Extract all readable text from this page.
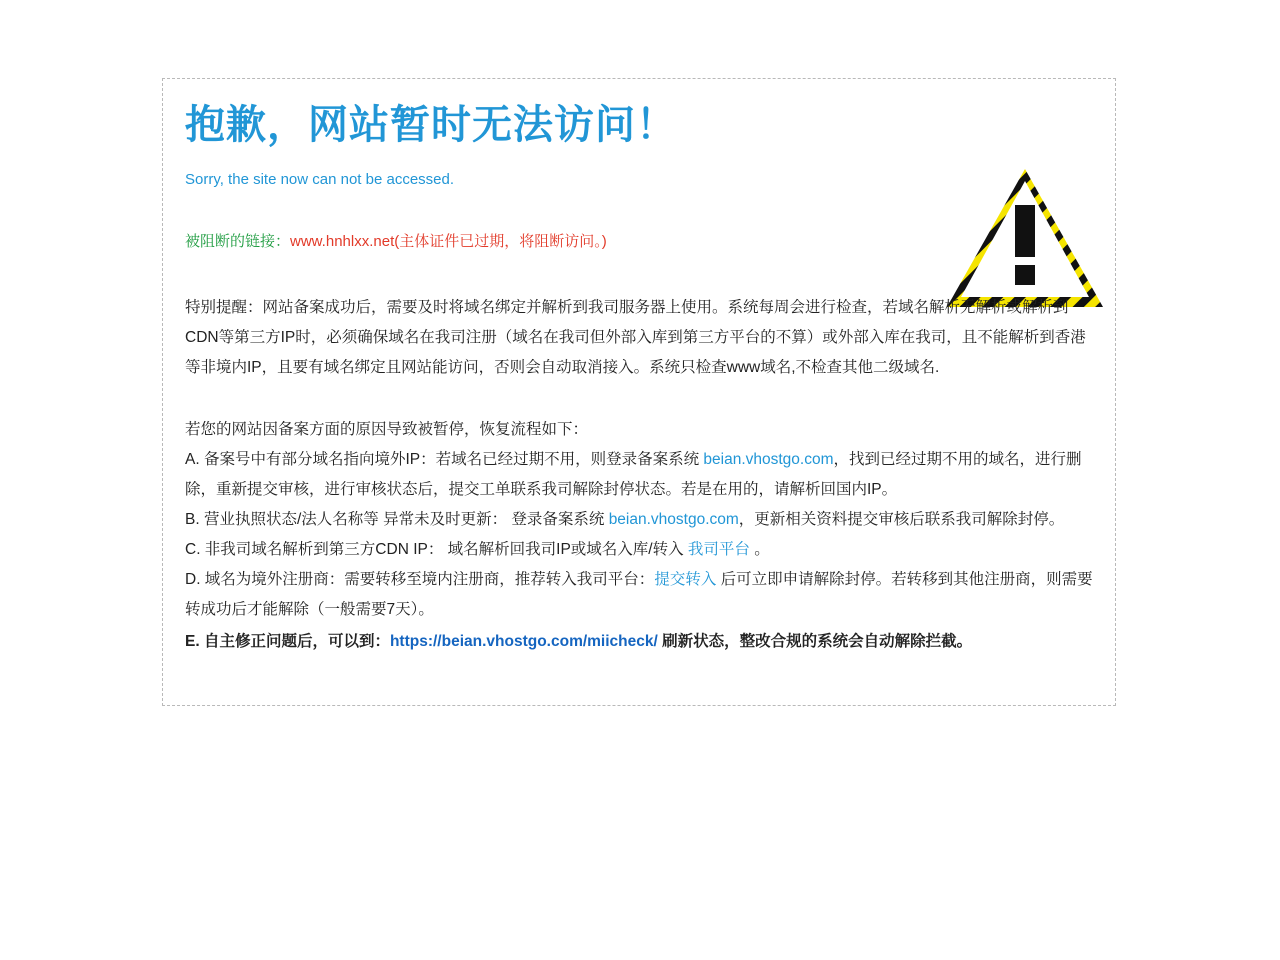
抱歉，网站暂时无法访问！
Sorry, the site now can not be accessed.
被阻断的链接：www.hnhlxx.net(主体证件已过期，将阻断访问。)
特别提醒：网站备案成功后，需要及时将域名绑定并解析到我司服务器上使用。系统每周会进行检查，若域名解析无解析或解析到CDN等第三方IP时，必须确保域名在我司注册（域名在我司但外部入库到第三方平台的不算）或外部入库在我司，且不能解析到香港等非境内IP，且要有域名绑定且网站能访问，否则会自动取消接入。系统只检查www域名,不检查其他二级域名.
若您的网站因备案方面的原因导致被暂停，恢复流程如下：

A. 备案号中有部分域名指向境外IP：若域名已经过期不用，则登录备案系统 beian.vhostgo.com，找到已经过期不用的域名，进行删除，重新提交审核，进行审核状态后，提交工单联系我司解除封停状态。若是在用的，请解析回国内IP。

B. 营业执照状态/法人名称等 异常未及时更新： 登录备案系统 beian.vhostgo.com，更新相关资料提交审核后联系我司解除封停。

C. 非我司域名解析到第三方CDN IP： 域名解析回我司IP或域名入库/转入 我司平台 。

D. 域名为境外注册商：需要转移至境内注册商，推荐转入我司平台：提交转入 后可立即申请解除封停。若转移到其他注册商，则需要转成功后才能解除（一般需要7天）。

E. 自主修正问题后，可以到：https://beian.vhostgo.com/miicheck/ 刷新状态，整改合规的系统会自动解除拦截。
